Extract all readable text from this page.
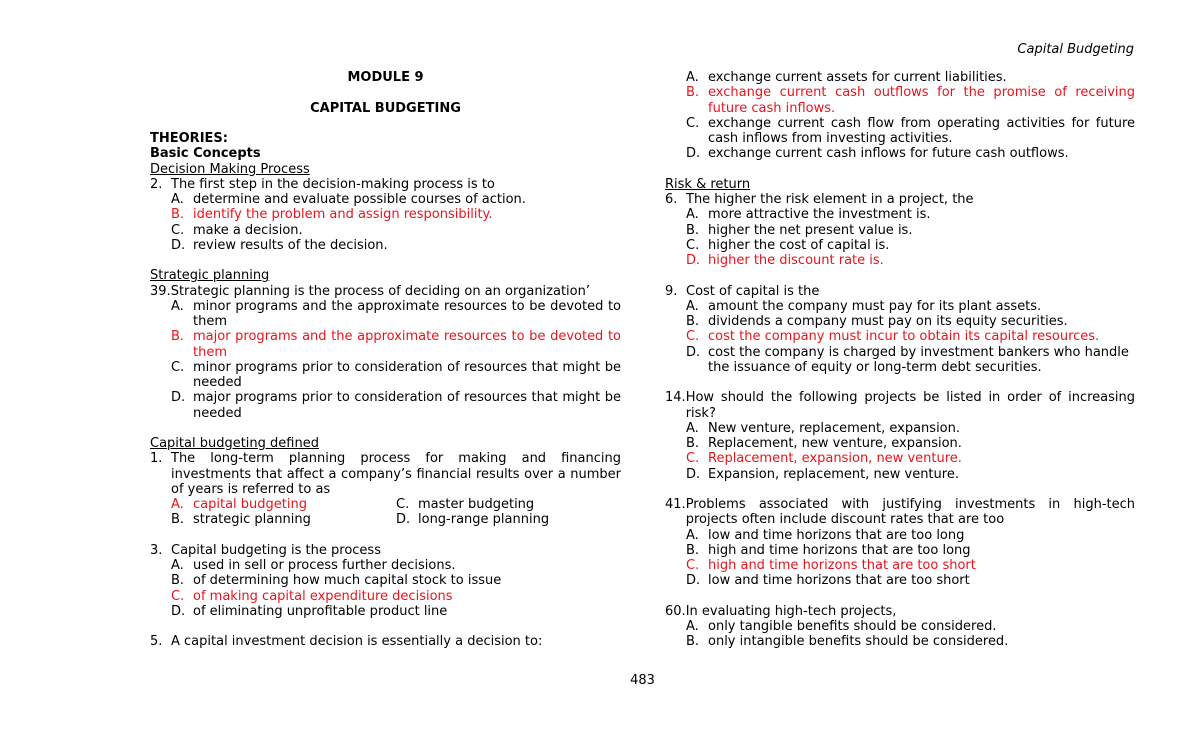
Capital Budgeting
MODULE 9
CAPITAL BUDGETING
THEORIES:
Basic Concepts
Decision Making Process
2. The first step in the decision-making process is to
A. determine and evaluate possible courses of action.
B. identify the problem and assign responsibility.
C. make a decision.
D. review results of the decision.
Strategic planning
39. Strategic planning is the process of deciding on an organization’
A. minor programs and the approximate resources to be devoted to them
B. major programs and the approximate resources to be devoted to them
C. minor programs prior to consideration of resources that might be needed
D. major programs prior to consideration of resources that might be needed
Capital budgeting defined
1. The long-term planning process for making and financing investments that affect a company’s financial results over a number of years is referred to as
A. capital budgeting	C. master budgeting
B. strategic planning	D. long-range planning
3. Capital budgeting is the process
A. used in sell or process further decisions.
B. of determining how much capital stock to issue
C. of making capital expenditure decisions
D. of eliminating unprofitable product line
5. A capital investment decision is essentially a decision to:
A. exchange current assets for current liabilities.
B. exchange current cash outflows for the promise of receiving future cash inflows.
C. exchange current cash flow from operating activities for future cash inflows from investing activities.
D. exchange current cash inflows for future cash outflows.
Risk & return
6. The higher the risk element in a project, the
A. more attractive the investment is.
B. higher the net present value is.
C. higher the cost of capital is.
D. higher the discount rate is.
9. Cost of capital is the
A. amount the company must pay for its plant assets.
B. dividends a company must pay on its equity securities.
C. cost the company must incur to obtain its capital resources.
D. cost the company is charged by investment bankers who handle the issuance of equity or long-term debt securities.
14. How should the following projects be listed in order of increasing risk?
A. New venture, replacement, expansion.
B. Replacement, new venture, expansion.
C. Replacement, expansion, new venture.
D. Expansion, replacement, new venture.
41. Problems associated with justifying investments in high-tech projects often include discount rates that are too
A. low and time horizons that are too long
B. high and time horizons that are too long
C. high and time horizons that are too short
D. low and time horizons that are too short
60. In evaluating high-tech projects,
A. only tangible benefits should be considered.
B. only intangible benefits should be considered.
483
